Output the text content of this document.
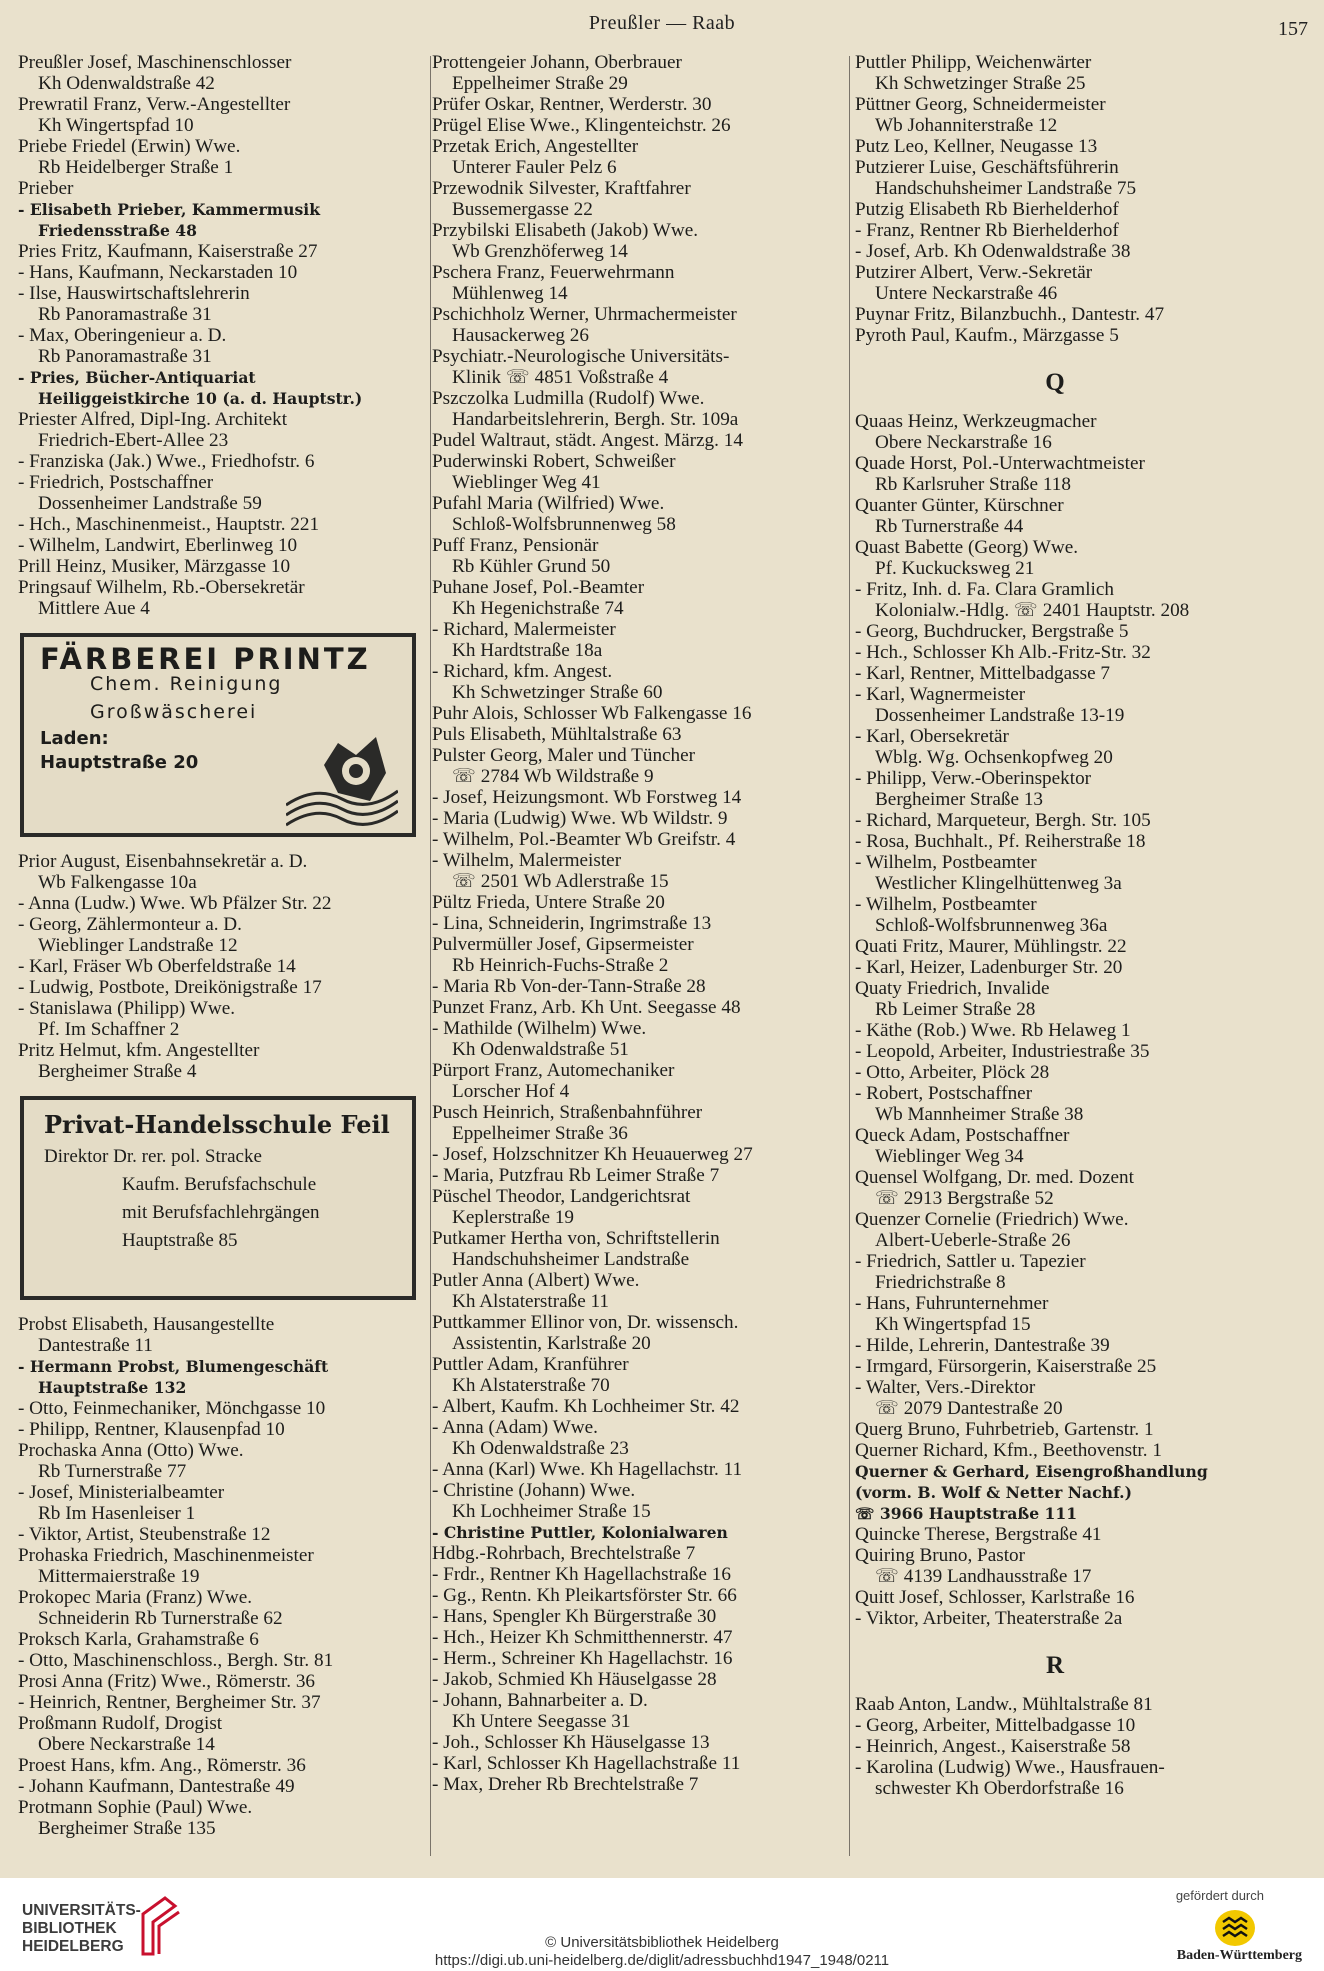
Preußler — Raab	157
Preußler Josef, Maschinenschlosser
Kh Odenwaldstraße 42
Prewratil Franz, Verw.-Angestellter
Kh Wingertspfad 10
Priebe Friedel (Erwin) Wwe.
Rb Heidelberger Straße 1
Prieber
- Elisabeth Prieber, Kammermusik
Friedensstraße 48
Pries Fritz, Kaufmann, Kaiserstraße 27
- Hans, Kaufmann, Neckarstaden 10
- Ilse, Hauswirtschaftslehrerin
Rb Panoramastraße 31
- Max, Oberingenieur a. D.
Rb Panoramastraße 31
- Pries, Bücher-Antiquariat
Heiliggeistkirche 10 (a. d. Hauptstr.)
Priester Alfred, Dipl-Ing. Architekt
Friedrich-Ebert-Allee 23
- Franziska (Jak.) Wwe., Friedhofstr. 6
- Friedrich, Postschaffner
Dossenheimer Landstraße 59
- Hch., Maschinenmeist., Hauptstr. 221
- Wilhelm, Landwirt, Eberlinweg 10
Prill Heinz, Musiker, Märzgasse 10
Pringsauf Wilhelm, Rb.-Obersekretär
Mittlere Aue 4
FÄRBEREI PRINTZ
Chem. Reinigung
Großwäscherei
Laden:
Hauptstraße 20
Prior August, Eisenbahnsekretär a. D.
Wb Falkengasse 10a
- Anna (Ludw.) Wwe. Wb Pfälzer Str. 22
- Georg, Zählermonteur a. D.
Wieblinger Landstraße 12
- Karl, Fräser Wb Oberfeldstraße 14
- Ludwig, Postbote, Dreikönigstraße 17
- Stanislawa (Philipp) Wwe.
Pf. Im Schaffner 2
Pritz Helmut, kfm. Angestellter
Bergheimer Straße 4
Privat-Handelsschule Feil
Direktor Dr. rer. pol. Stracke
Kaufm. Berufsfachschule
mit Berufsfachlehrgängen
Hauptstraße 85
Probst Elisabeth, Hausangestellte
Dantestraße 11
- Hermann Probst, Blumengeschäft
Hauptstraße 132
- Otto, Feinmechaniker, Mönchgasse 10
- Philipp, Rentner, Klausenpfad 10
Prochaska Anna (Otto) Wwe.
Rb Turnerstraße 77
- Josef, Ministerialbeamter
Rb Im Hasenleiser 1
- Viktor, Artist, Steubenstraße 12
Prohaska Friedrich, Maschinenmeister
Mittermaierstraße 19
Prokopec Maria (Franz) Wwe.
Schneiderin Rb Turnerstraße 62
Proksch Karla, Grahamstraße 6
- Otto, Maschinenschloss., Bergh. Str. 81
Prosi Anna (Fritz) Wwe., Römerstr. 36
- Heinrich, Rentner, Bergheimer Str. 37
Proßmann Rudolf, Drogist
Obere Neckarstraße 14
Proest Hans, kfm. Ang., Römerstr. 36
- Johann Kaufmann, Dantestraße 49
Protmann Sophie (Paul) Wwe.
Bergheimer Straße 135
Prottengeier Johann, Oberbrauer
Eppelheimer Straße 29
Prüfer Oskar, Rentner, Werderstr. 30
Prügel Elise Wwe., Klingenteichstr. 26
Przetak Erich, Angestellter
Unterer Fauler Pelz 6
Przewodnik Silvester, Kraftfahrer
Bussemergasse 22
Przybilski Elisabeth (Jakob) Wwe.
Wb Grenzhöferweg 14
Pschera Franz, Feuerwehrmann
Mühlenweg 14
Pschichholz Werner, Uhrmachermeister
Hausackerweg 26
Psychiatr.-Neurologische Universitäts-
Klinik ☏ 4851 Voßstraße 4
Pszczolka Ludmilla (Rudolf) Wwe.
Handarbeitslehrerin, Bergh. Str. 109a
Pudel Waltraut, städt. Angest. Märzg. 14
Puderwinski Robert, Schweißer
Wieblinger Weg 41
Pufahl Maria (Wilfried) Wwe.
Schloß-Wolfsbrunnenweg 58
Puff Franz, Pensionär
Rb Kühler Grund 50
Puhane Josef, Pol.-Beamter
Kh Hegenichstraße 74
- Richard, Malermeister
Kh Hardtstraße 18a
- Richard, kfm. Angest.
Kh Schwetzinger Straße 60
Puhr Alois, Schlosser Wb Falkengasse 16
Puls Elisabeth, Mühltalstraße 63
Pulster Georg, Maler und Tüncher
☏ 2784 Wb Wildstraße 9
- Josef, Heizungsmont. Wb Forstweg 14
- Maria (Ludwig) Wwe. Wb Wildstr. 9
- Wilhelm, Pol.-Beamter Wb Greifstr. 4
- Wilhelm, Malermeister
☏ 2501 Wb Adlerstraße 15
Pültz Frieda, Untere Straße 20
- Lina, Schneiderin, Ingrimstraße 13
Pulvermüller Josef, Gipsermeister
Rb Heinrich-Fuchs-Straße 2
- Maria Rb Von-der-Tann-Straße 28
Punzet Franz, Arb. Kh Unt. Seegasse 48
- Mathilde (Wilhelm) Wwe.
Kh Odenwaldstraße 51
Pürport Franz, Automechaniker
Lorscher Hof 4
Pusch Heinrich, Straßenbahnführer
Eppelheimer Straße 36
- Josef, Holzschnitzer Kh Heuauerweg 27
- Maria, Putzfrau Rb Leimer Straße 7
Püschel Theodor, Landgerichtsrat
Keplerstraße 19
Putkamer Hertha von, Schriftstellerin
Handschuhsheimer Landstraße
Putler Anna (Albert) Wwe.
Kh Alstaterstraße 11
Puttkammer Ellinor von, Dr. wissensch.
Assistentin, Karlstraße 20
Puttler Adam, Kranführer
Kh Alstaterstraße 70
- Albert, Kaufm. Kh Lochheimer Str. 42
- Anna (Adam) Wwe.
Kh Odenwaldstraße 23
- Anna (Karl) Wwe. Kh Hagellachstr. 11
- Christine (Johann) Wwe.
Kh Lochheimer Straße 15
- Christine Puttler, Kolonialwaren
Hdbg.-Rohrbach, Brechtelstraße 7
- Frdr., Rentner Kh Hagellachstraße 16
- Gg., Rentn. Kh Pleikartsförster Str. 66
- Hans, Spengler Kh Bürgerstraße 30
- Hch., Heizer Kh Schmitthennerstr. 47
- Herm., Schreiner Kh Hagellachstr. 16
- Jakob, Schmied Kh Häuselgasse 28
- Johann, Bahnarbeiter a. D.
Kh Untere Seegasse 31
- Joh., Schlosser Kh Häuselgasse 13
- Karl, Schlosser Kh Hagellachstraße 11
- Max, Dreher Rb Brechtelstraße 7
Puttler Philipp, Weichenwärter
Kh Schwetzinger Straße 25
Püttner Georg, Schneidermeister
Wb Johanniterstraße 12
Putz Leo, Kellner, Neugasse 13
Putzierer Luise, Geschäftsführerin
Handschuhsheimer Landstraße 75
Putzig Elisabeth Rb Bierhelderhof
- Franz, Rentner Rb Bierhelderhof
- Josef, Arb. Kh Odenwaldstraße 38
Putzirer Albert, Verw.-Sekretär
Untere Neckarstraße 46
Puynar Fritz, Bilanzbuchh., Dantestr. 47
Pyroth Paul, Kaufm., Märzgasse 5
Q
Quaas Heinz, Werkzeugmacher
Obere Neckarstraße 16
Quade Horst, Pol.-Unterwachtmeister
Rb Karlsruher Straße 118
Quanter Günter, Kürschner
Rb Turnerstraße 44
Quast Babette (Georg) Wwe.
Pf. Kuckucksweg 21
- Fritz, Inh. d. Fa. Clara Gramlich
Kolonialw.-Hdlg. ☏ 2401 Hauptstr. 208
- Georg, Buchdrucker, Bergstraße 5
- Hch., Schlosser Kh Alb.-Fritz-Str. 32
- Karl, Rentner, Mittelbadgasse 7
- Karl, Wagnermeister
Dossenheimer Landstraße 13-19
- Karl, Obersekretär
Wblg. Wg. Ochsenkopfweg 20
- Philipp, Verw.-Oberinspektor
Bergheimer Straße 13
- Richard, Marqueteur, Bergh. Str. 105
- Rosa, Buchhalt., Pf. Reiherstraße 18
- Wilhelm, Postbeamter
Westlicher Klingelhüttenweg 3a
- Wilhelm, Postbeamter
Schloß-Wolfsbrunnenweg 36a
Quati Fritz, Maurer, Mühlingstr. 22
- Karl, Heizer, Ladenburger Str. 20
Quaty Friedrich, Invalide
Rb Leimer Straße 28
- Käthe (Rob.) Wwe. Rb Helaweg 1
- Leopold, Arbeiter, Industriestraße 35
- Otto, Arbeiter, Plöck 28
- Robert, Postschaffner
Wb Mannheimer Straße 38
Queck Adam, Postschaffner
Wieblinger Weg 34
Quensel Wolfgang, Dr. med. Dozent
☏ 2913 Bergstraße 52
Quenzer Cornelie (Friedrich) Wwe.
Albert-Ueberle-Straße 26
- Friedrich, Sattler u. Tapezier
Friedrichstraße 8
- Hans, Fuhrunternehmer
Kh Wingertspfad 15
- Hilde, Lehrerin, Dantestraße 39
- Irmgard, Fürsorgerin, Kaiserstraße 25
- Walter, Vers.-Direktor
☏ 2079 Dantestraße 20
Querg Bruno, Fuhrbetrieb, Gartenstr. 1
Querner Richard, Kfm., Beethovenstr. 1
Querner & Gerhard, Eisengroßhandlung
(vorm. B. Wolf & Netter Nachf.)
☏ 3966 Hauptstraße 111
Quincke Therese, Bergstraße 41
Quiring Bruno, Pastor
☏ 4139 Landhausstraße 17
Quitt Josef, Schlosser, Karlstraße 16
- Viktor, Arbeiter, Theaterstraße 2a
R
Raab Anton, Landw., Mühltalstraße 81
- Georg, Arbeiter, Mittelbadgasse 10
- Heinrich, Angest., Kaiserstraße 58
- Karolina (Ludwig) Wwe., Hausfrauen-
schwester Kh Oberdorfstraße 16
UNIVERSITÄTS-
BIBLIOTHEK
HEIDELBERG	© Universitätsbibliothek Heidelberg
https://digi.ub.uni-heidelberg.de/diglit/adressbuchhd1947_1948/0211
gefördert durch
Baden-Württemberg
